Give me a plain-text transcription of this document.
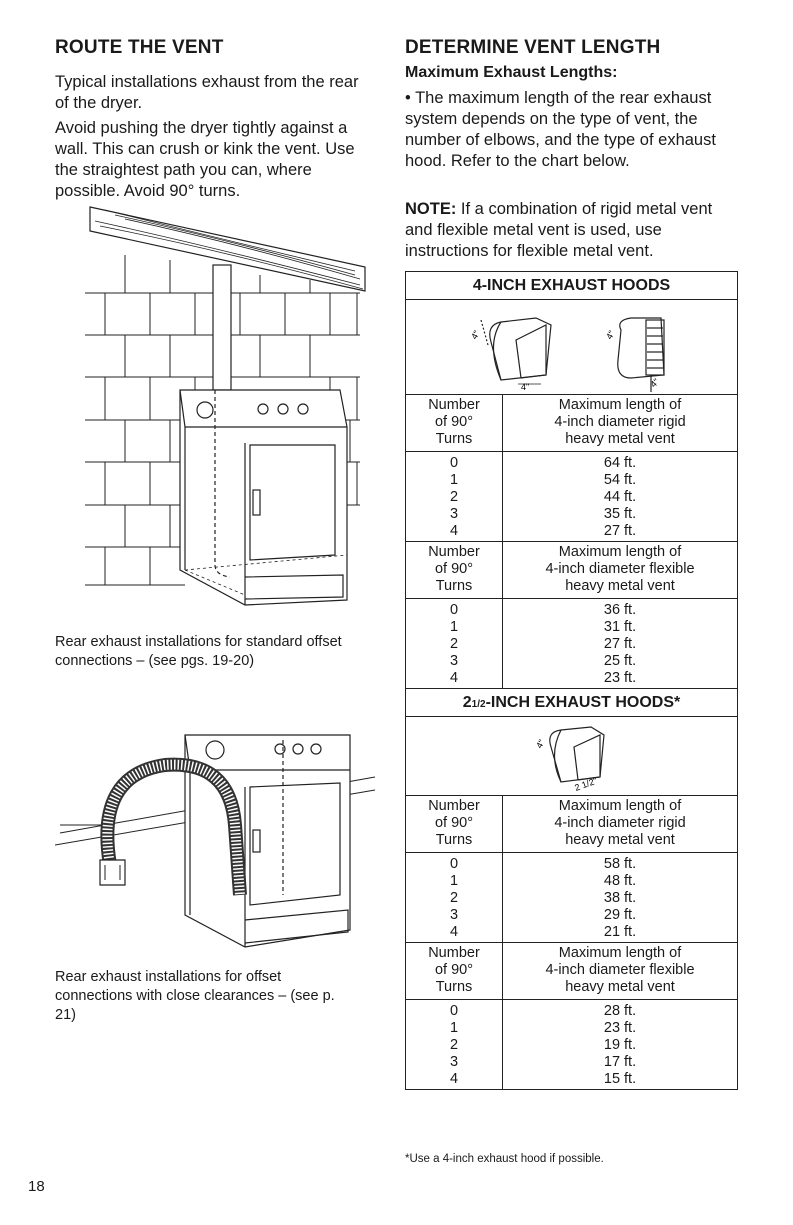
ROUTE THE VENT

Typical installations exhaust from the rear of the dryer.

Avoid pushing the dryer tightly against a wall. This can crush or kink the vent. Use the straightest path you can, where possible. Avoid 90° turns.

Rear exhaust installations for standard offset connections – (see pgs. 19-20)

Rear exhaust installations for offset connections with close clearances – (see p. 21)

18
DETERMINE VENT LENGTH
Maximum Exhaust Lengths:

• The maximum length of the rear exhaust system depends on the type of vent, the number of elbows, and the type of exhaust hood. Refer to the chart below.

NOTE: If a combination of rigid metal vent and flexible metal vent is used, use instructions for flexible metal vent.

4-INCH EXHAUST HOODS
4"
4"
4"
4"
Number
of 90°
Turns
Maximum length of
4-inch diameter rigid
heavy metal vent
0
1
2
3
4
64 ft.
54 ft.
44 ft.
35 ft.
27 ft.
Number
of 90°
Turns
Maximum length of
4-inch diameter flexible
heavy metal vent
0
1
2
3
4
36 ft.
31 ft.
27 ft.
25 ft.
23 ft.
21/2-INCH EXHAUST HOODS*
4"
2 1/2"
Number
of 90°
Turns
Maximum length of
4-inch diameter rigid
heavy metal vent
0
1
2
3
4
58 ft.
48 ft.
38 ft.
29 ft.
21 ft.
Number
of 90°
Turns
Maximum length of
4-inch diameter flexible
heavy metal vent
0
1
2
3
4
28 ft.
23 ft.
19 ft.
17 ft.
15 ft.
*Use a 4-inch exhaust hood if possible.
